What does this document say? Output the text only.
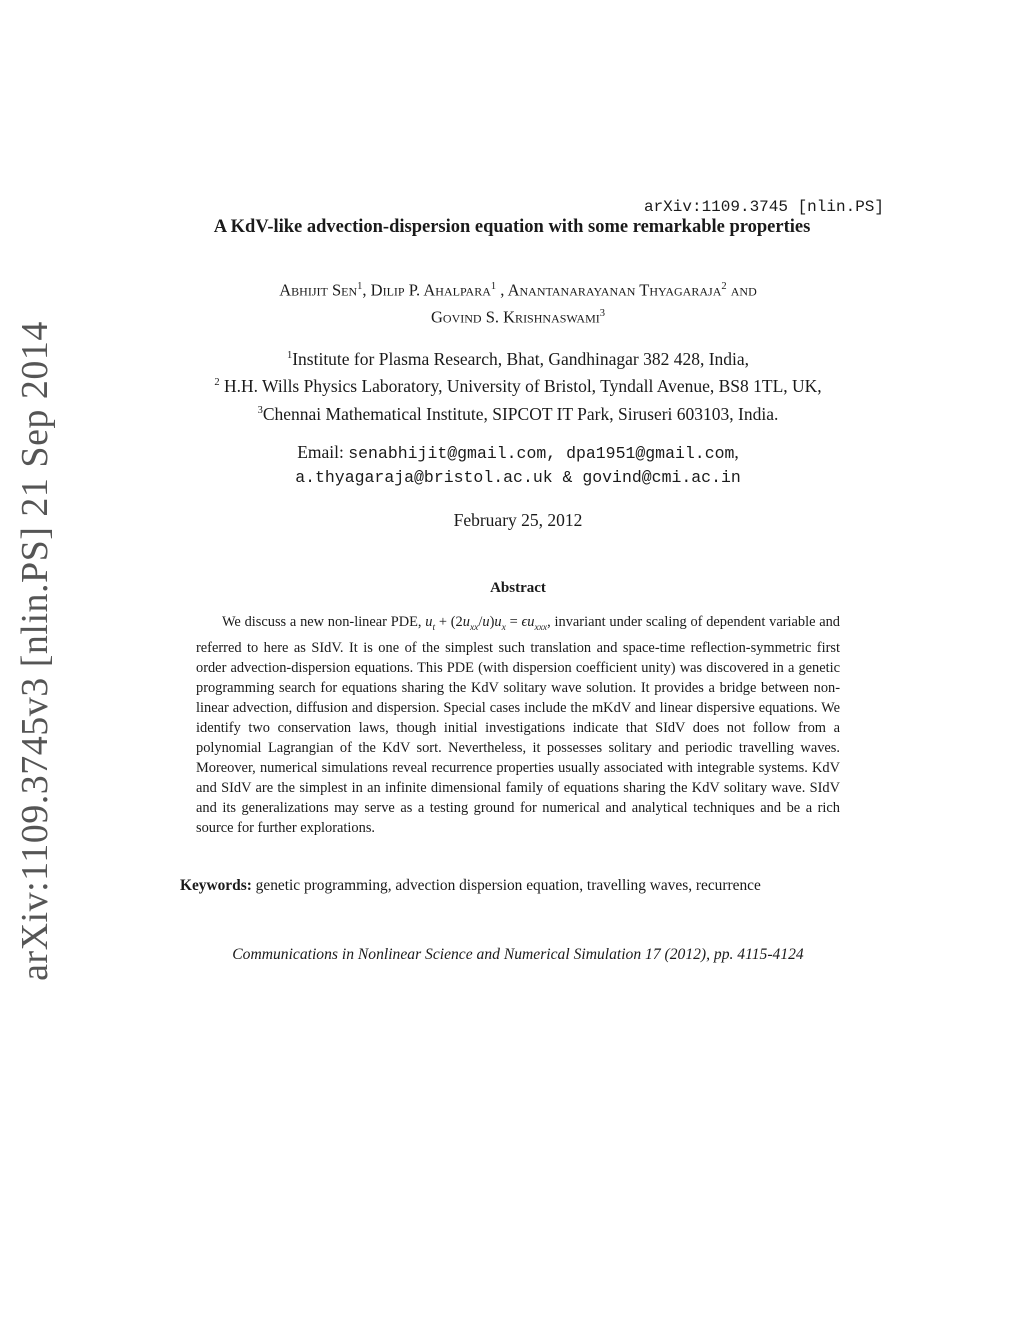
arXiv:1109.3745v3 [nlin.PS] 21 Sep 2014
arXiv:1109.3745 [nlin.PS]
A KdV-like advection-dispersion equation with some remarkable properties
Abhijit Sen$^1$, Dilip P. Ahalpara$^1$ , Anantanarayanan Thyagaraja$^2$ and
Govind S. Krishnaswami$^3$
$^1$Institute for Plasma Research, Bhat, Gandhinagar 382 428, India,
$^2$ H.H. Wills Physics Laboratory, University of Bristol, Tyndall Avenue, BS8 1TL, UK,
$^3$Chennai Mathematical Institute, SIPCOT IT Park, Siruseri 603103, India.
Email: senabhijit@gmail.com, dpa1951@gmail.com,
a.thyagaraja@bristol.ac.uk & govind@cmi.ac.in
February 25, 2012
Abstract

We discuss a new non-linear PDE, $u_t + (2u_{xx}/u)u_x = \epsilon u_{xxx}$, invariant under scaling of dependent variable and referred to here as SIdV. It is one of the simplest such translation and space-time reflection-symmetric first order advection-dispersion equations. This PDE (with dispersion coefficient unity) was discovered in a genetic programming search for equations sharing the KdV solitary wave solution. It provides a bridge between non-linear advection, diffusion and dispersion. Special cases include the mKdV and linear dispersive equations. We identify two conservation laws, though initial investigations indicate that SIdV does not follow from a polynomial Lagrangian of the KdV sort. Nevertheless, it possesses solitary and periodic travelling waves. Moreover, numerical simulations reveal recurrence properties usually associated with integrable systems. KdV and SIdV are the simplest in an infinite dimensional family of equations sharing the KdV solitary wave. SIdV and its generalizations may serve as a testing ground for numerical and analytical techniques and be a rich source for further explorations.

Keywords: genetic programming, advection dispersion equation, travelling waves, recurrence
Communications in Nonlinear Science and Numerical Simulation 17 (2012), pp. 4115-4124
